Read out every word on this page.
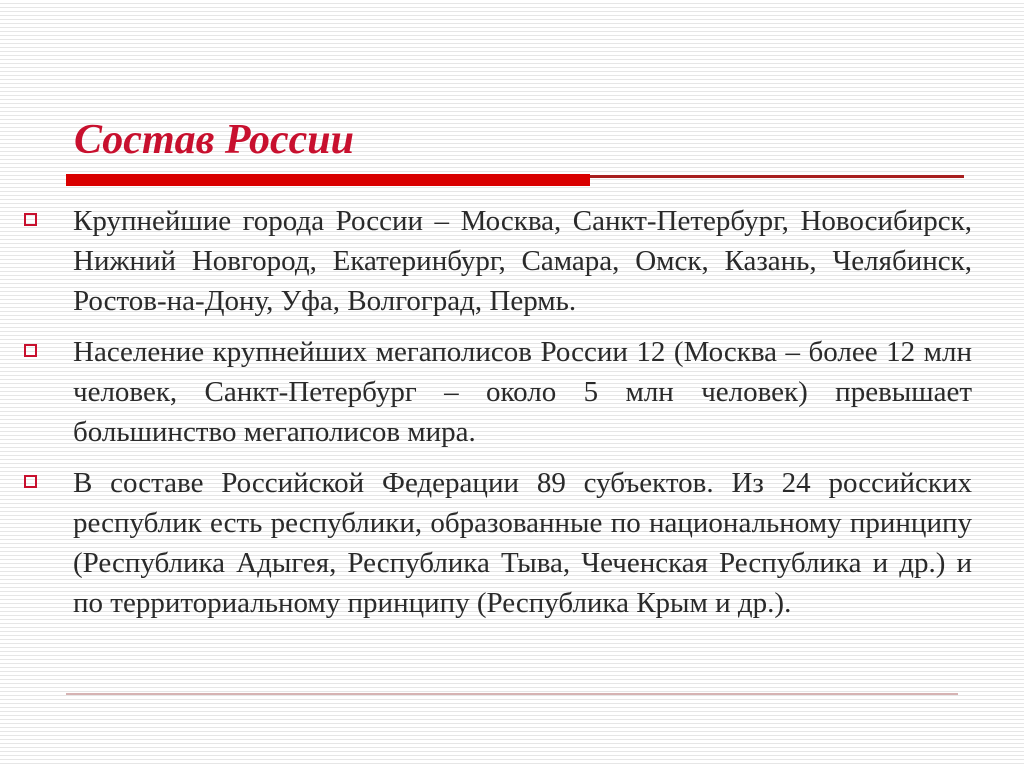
Состав России
Крупнейшие города России – Москва, Санкт-Петербург, Новосибирск, Нижний Новгород, Екатеринбург, Самара, Омск, Казань, Челябинск, Ростов-на-Дону, Уфа, Волгоград, Пермь.
Население крупнейших мегаполисов России 12 (Москва – более 12 млн человек, Санкт-Петербург – около 5 млн человек) превышает большинство мегаполисов мира.
В составе Российской Федерации 89 субъектов. Из 24 российских республик есть республики, образованные по национальному принципу (Республика Адыгея, Республика Тыва, Чеченская Республика и др.) и по территориальному принципу (Республика Крым и др.).
